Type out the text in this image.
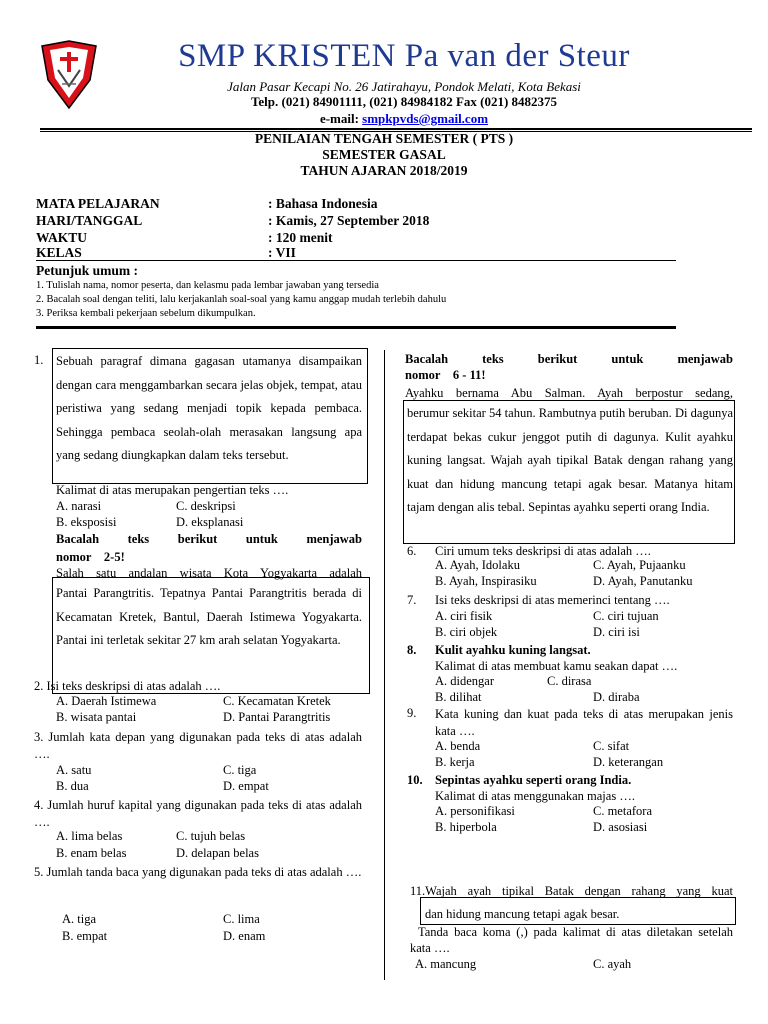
SMP KRISTEN Pa van der Steur
Jalan Pasar Kecapi No. 26 Jatirahayu, Pondok Melati, Kota Bekasi
Telp. (021) 84901111, (021) 84984182 Fax (021) 8482375
e-mail: smpkpvds@gmail.com
PENILAIAN TENGAH SEMESTER ( PTS )
SEMESTER GASAL
TAHUN AJARAN 2018/2019
MATA PELAJARAN	: Bahasa Indonesia
HARI/TANGGAL	: Kamis, 27 September 2018
WAKTU	: 120 menit
KELAS	: VII
Petunjuk umum :
1. Tulislah nama, nomor peserta, dan kelasmu pada lembar jawaban yang tersedia
2. Bacalah soal dengan teliti, lalu kerjakanlah soal-soal yang kamu anggap mudah terlebih dahulu
3. Periksa kembali pekerjaan sebelum dikumpulkan.
1. Sebuah paragraf dimana gagasan utamanya disampaikan dengan cara menggambarkan secara jelas objek, tempat, atau peristiwa yang sedang menjadi topik kepada pembaca. Sehingga pembaca seolah-olah merasakan langsung apa yang sedang diungkapkan dalam teks tersebut.
Kalimat di atas merupakan pengertian teks ….
A. narasi	C. deskripsi
B. eksposisi	D. eksplanasi
Bacalah teks berikut untuk menjawab
nomor    2-5!
Salah satu andalan wisata Kota Yogyakarta adalah
Pantai Parangtritis. Tepatnya Pantai Parangtritis berada di Kecamatan Kretek, Bantul, Daerah Istimewa Yogyakarta. Pantai ini terletak sekitar 27 km arah selatan Yogyakarta.
2. Isi teks deskripsi di atas adalah ….
A. Daerah Istimewa	C. Kecamatan Kretek
B. wisata pantai	D. Pantai Parangtritis
3. Jumlah kata depan yang digunakan pada teks di atas adalah ….
A. satu	C. tiga
B. dua	D. empat
4. Jumlah huruf kapital yang digunakan pada teks di atas adalah ….
A. lima belas	C. tujuh belas
B. enam belas	D. delapan belas
5. Jumlah tanda baca yang digunakan pada teks di atas adalah ….
A. tiga	C. lima
B. empat	D. enam
Bacalah teks berikut untuk menjawab
nomor    6 - 11!
Ayahku bernama Abu Salman. Ayah berpostur sedang,
berumur sekitar 54 tahun. Rambutnya putih beruban. Di dagunya terdapat bekas cukur jenggot putih di dagunya. Kulit ayahku kuning langsat. Wajah ayah tipikal Batak dengan rahang yang kuat dan hidung mancung tetapi agak besar. Matanya hitam tajam dengan alis tebal. Sepintas ayahku seperti orang India.
6. Ciri umum teks deskripsi di atas adalah ….
A. Ayah, Idolaku	C. Ayah, Pujaanku
B. Ayah, Inspirasiku	D. Ayah, Panutanku
7. Isi teks deskripsi di atas memerinci tentang ….
A. ciri fisik	C. ciri tujuan
B. ciri objek	D. ciri isi
8. Kulit ayahku kuning langsat.
Kalimat di atas membuat kamu seakan dapat ….
A. didengar	C. dirasa
B. dilihat	D. diraba
9. Kata kuning dan kuat pada teks di atas merupakan jenis kata ….
A. benda	C. sifat
B. kerja	D. keterangan
10. Sepintas ayahku seperti orang India.
Kalimat di atas menggunakan majas ….
A. personifikasi	C. metafora
B. hiperbola	D. asosiasi
11.Wajah ayah tipikal Batak dengan rahang yang kuat
dan hidung mancung tetapi agak besar.
Tanda baca koma (,) pada kalimat di atas diletakan setelah kata ….
A. mancung	C. ayah
